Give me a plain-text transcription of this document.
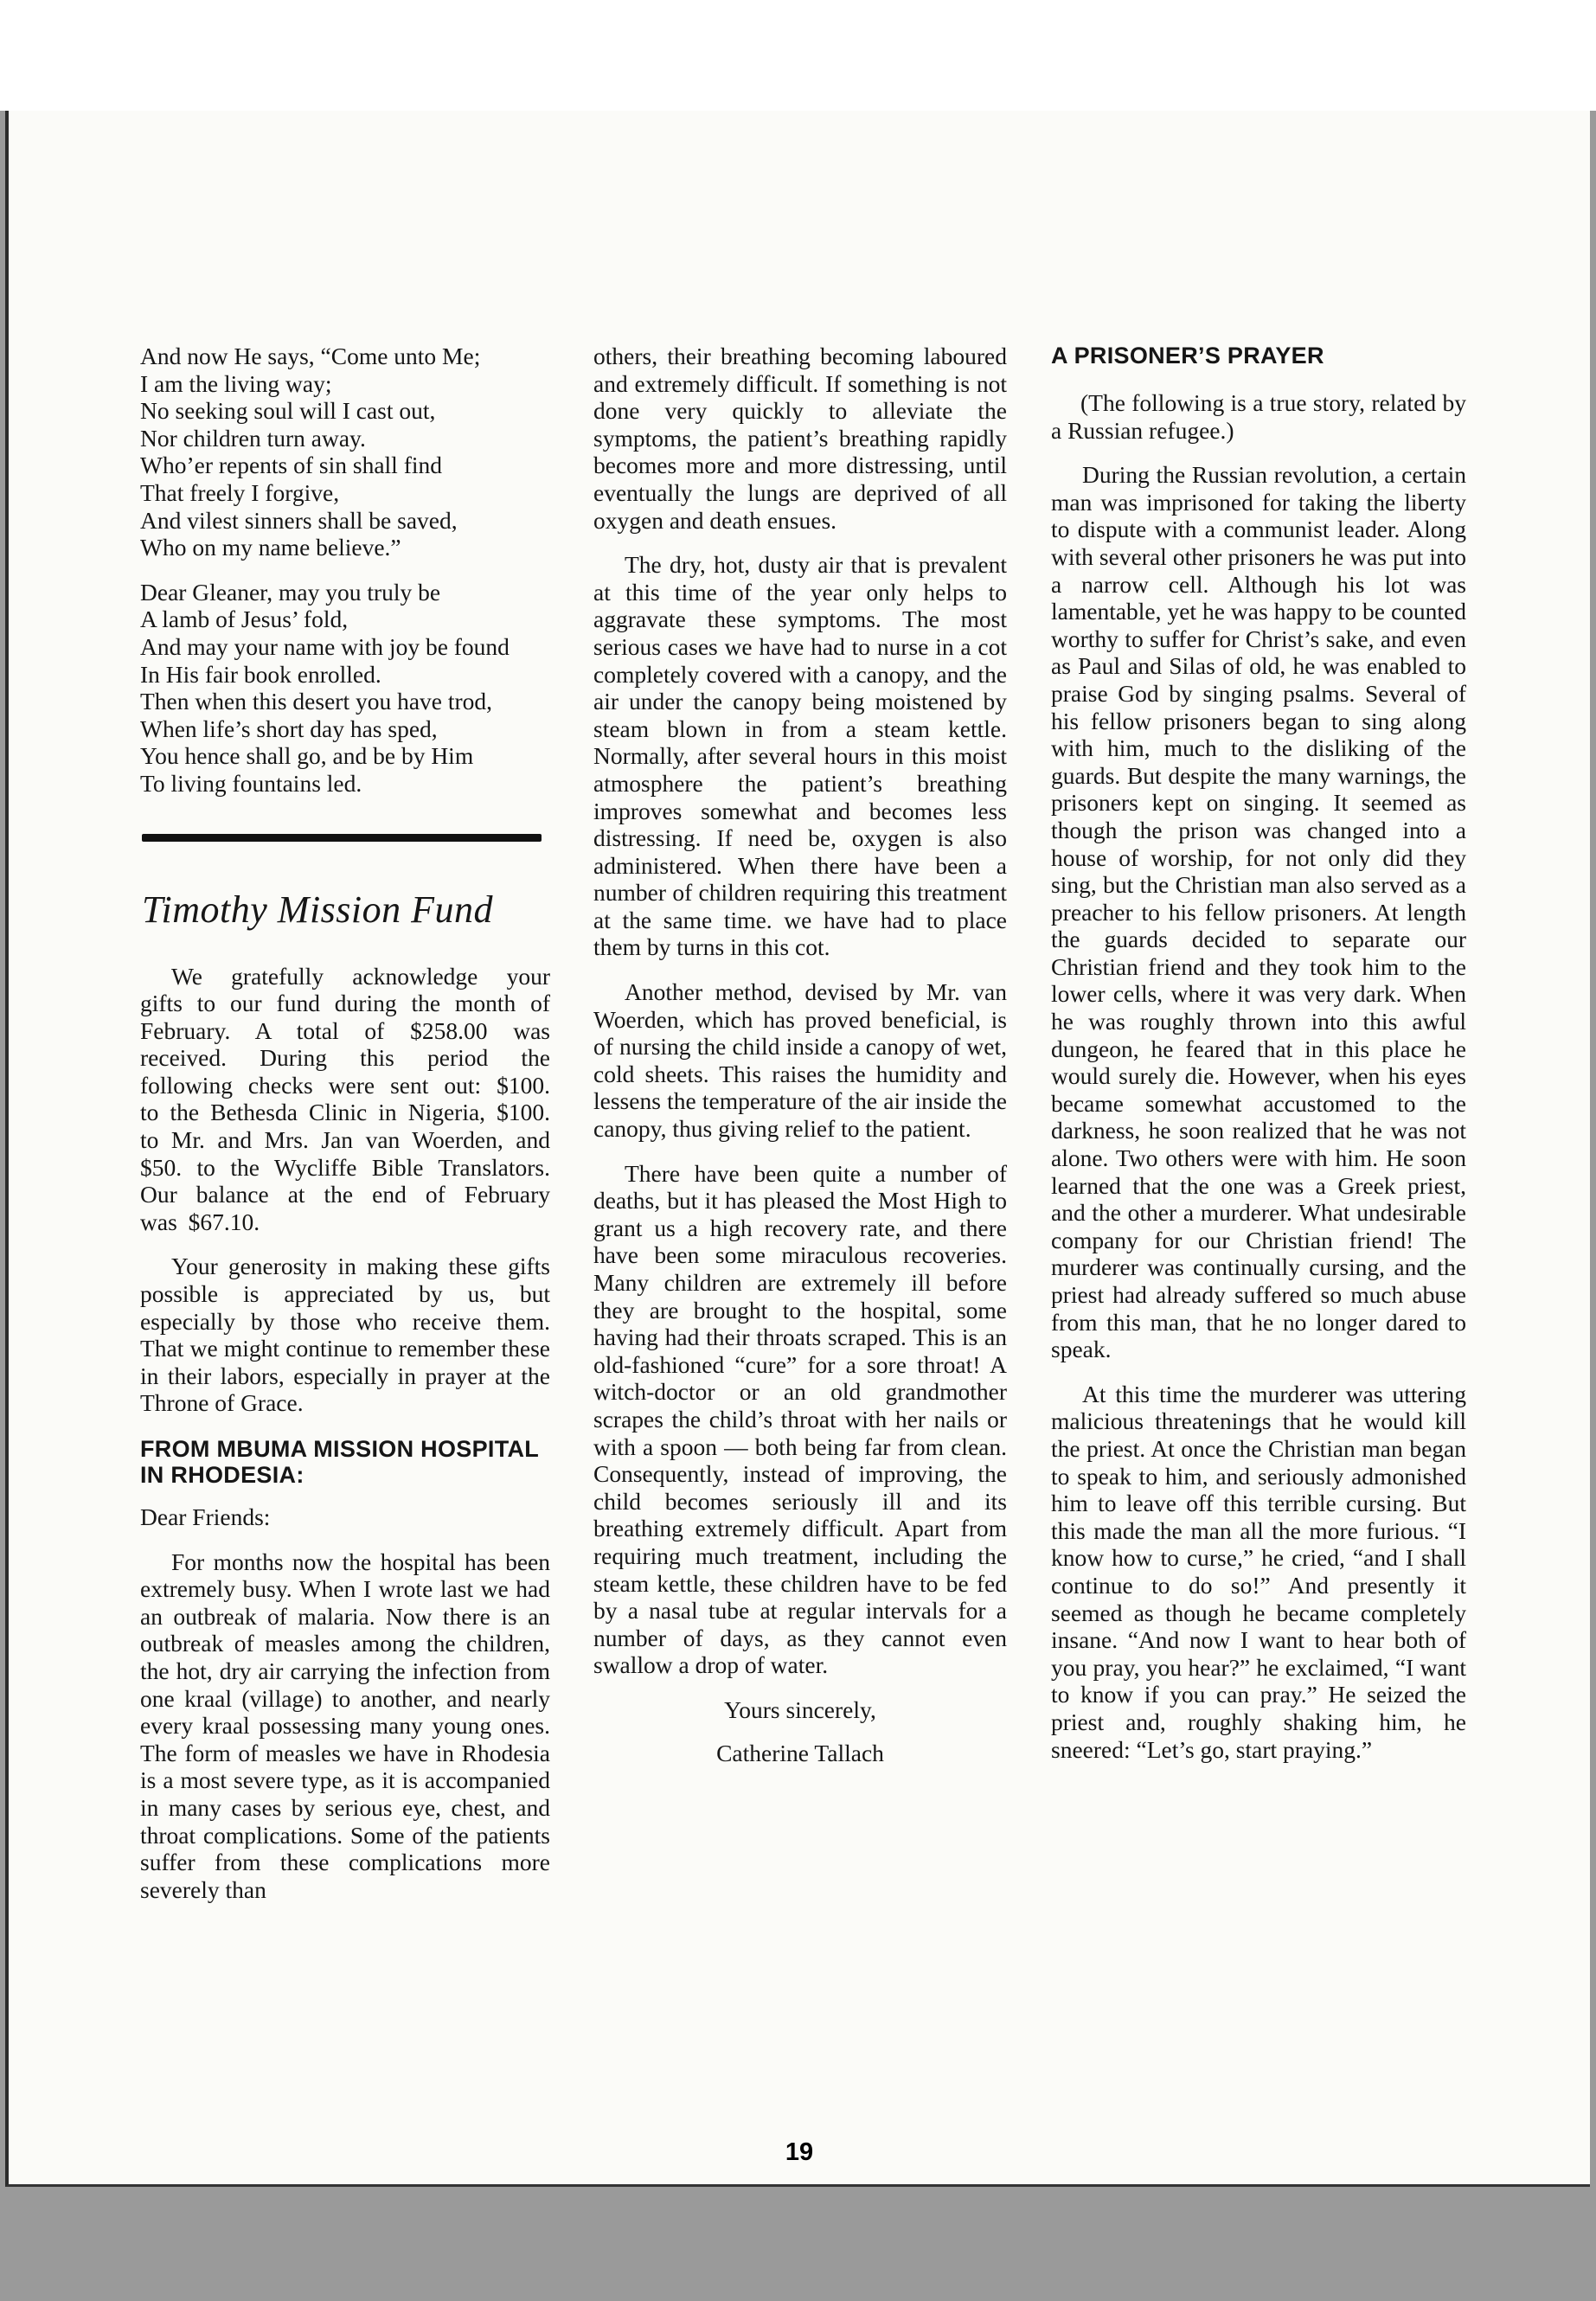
And now He says, “Come unto Me;
I am the living way;
No seeking soul will I cast out,
Nor children turn away.
Who’er repents of sin shall find
That freely I forgive,
And vilest sinners shall be saved,
Who on my name believe.”
Dear Gleaner, may you truly be
A lamb of Jesus’ fold,
And may your name with joy be found
In His fair book enrolled.
Then when this desert you have trod,
When life’s short day has sped,
You hence shall go, and be by Him
To living fountains led.
Timothy Mission Fund

We gratefully acknowledge your gifts to our fund during the month of February. A total of $258.00 was received. During this period the following checks were sent out: $100. to the Bethesda Clinic in Nigeria, $100. to Mr. and Mrs. Jan van Woerden, and $50. to the Wycliffe Bible Translators. Our balance at the end of February was $67.10.

Your generosity in making these gifts possible is appreciated by us, but especially by those who receive them. That we might continue to remember these in their labors, especially in prayer at the Throne of Grace.

FROM MBUMA MISSION HOSPITAL IN RHODESIA:
Dear Friends:

For months now the hospital has been extremely busy. When I wrote last we had an outbreak of malaria. Now there is an outbreak of measles among the children, the hot, dry air carrying the infection from one kraal (village) to another, and nearly every kraal possessing many young ones. The form of measles we have in Rhodesia is a most severe type, as it is accompanied in many cases by serious eye, chest, and throat complications. Some of the patients suffer from these complications more severely than

others, their breathing becoming laboured and extremely difficult. If something is not done very quickly to alleviate the symptoms, the patient’s breathing rapidly becomes more and more distressing, until eventually the lungs are deprived of all oxygen and death ensues.

The dry, hot, dusty air that is prevalent at this time of the year only helps to aggravate these symptoms. The most serious cases we have had to nurse in a cot completely covered with a canopy, and the air under the canopy being moistened by steam blown in from a steam kettle. Normally, after several hours in this moist atmosphere the patient’s breathing improves somewhat and becomes less distressing. If need be, oxygen is also administered. When there have been a number of children requiring this treatment at the same time. we have had to place them by turns in this cot.

Another method, devised by Mr. van Woerden, which has proved beneficial, is of nursing the child inside a canopy of wet, cold sheets. This raises the humidity and lessens the temperature of the air inside the canopy, thus giving relief to the patient.

There have been quite a number of deaths, but it has pleased the Most High to grant us a high recovery rate, and there have been some miraculous recoveries. Many children are extremely ill before they are brought to the hospital, some having had their throats scraped. This is an old-fashioned “cure” for a sore throat! A witch-doctor or an old grandmother scrapes the child’s throat with her nails or with a spoon — both being far from clean. Consequently, instead of improving, the child becomes seriously ill and its breathing extremely difficult. Apart from requiring much treatment, including the steam kettle, these children have to be fed by a nasal tube at regular intervals for a number of days, as they cannot even swallow a drop of water.

Yours sincerely,
Catherine Tallach
A PRISONER’S PRAYER

(The following is a true story, related by a Russian refugee.)

During the Russian revolution, a certain man was imprisoned for taking the liberty to dispute with a communist leader. Along with several other prisoners he was put into a narrow cell. Although his lot was lamentable, yet he was happy to be counted worthy to suffer for Christ’s sake, and even as Paul and Silas of old, he was enabled to praise God by singing psalms. Several of his fellow prisoners began to sing along with him, much to the disliking of the guards. But despite the many warnings, the prisoners kept on singing. It seemed as though the prison was changed into a house of worship, for not only did they sing, but the Christian man also served as a preacher to his fellow prisoners. At length the guards decided to separate our Christian friend and they took him to the lower cells, where it was very dark. When he was roughly thrown into this awful dungeon, he feared that in this place he would surely die. However, when his eyes became somewhat accustomed to the darkness, he soon realized that he was not alone. Two others were with him. He soon learned that the one was a Greek priest, and the other a murderer. What undesirable company for our Christian friend! The murderer was continually cursing, and the priest had already suffered so much abuse from this man, that he no longer dared to speak.

At this time the murderer was uttering malicious threatenings that he would kill the priest. At once the Christian man began to speak to him, and seriously admonished him to leave off this terrible cursing. But this made the man all the more furious. “I know how to curse,” he cried, “and I shall continue to do so!” And presently it seemed as though he became completely insane. “And now I want to hear both of you pray, you hear?” he exclaimed, “I want to know if you can pray.” He seized the priest and, roughly shaking him, he sneered: “Let’s go, start praying.”

19
